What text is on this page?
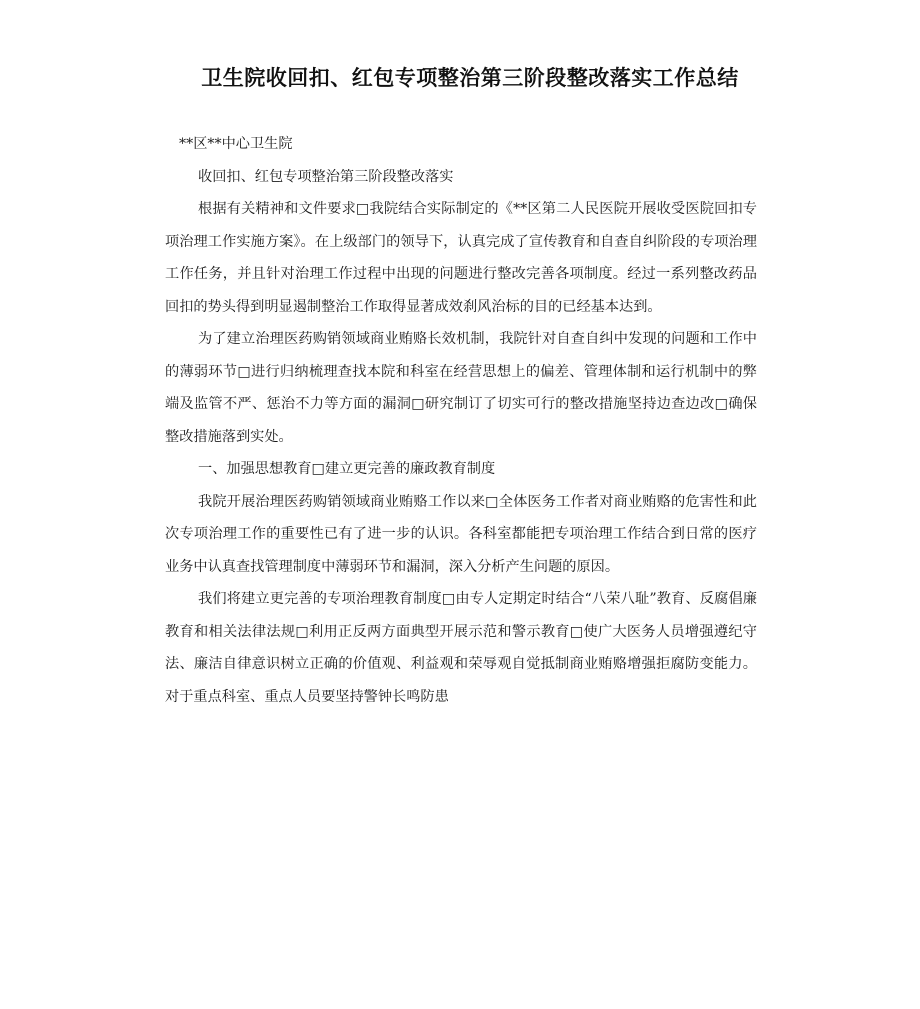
卫生院收回扣、红包专项整治第三阶段整改落实工作总结

**区**中心卫生院

收回扣、红包专项整治第三阶段整改落实

根据有关精神和文件要求□我院结合实际制定的《**区第二人民医院开展收受医院回扣专项治理工作实施方案》。在上级部门的领导下，认真完成了宣传教育和自查自纠阶段的专项治理工作任务，并且针对治理工作过程中出现的问题进行整改完善各项制度。经过一系列整改药品回扣的势头得到明显遏制整治工作取得显著成效刹风治标的目的已经基本达到。

为了建立治理医药购销领域商业贿赂长效机制，我院针对自查自纠中发现的问题和工作中的薄弱环节□进行归纳梳理查找本院和科室在经营思想上的偏差、管理体制和运行机制中的弊端及监管不严、惩治不力等方面的漏洞□研究制订了切实可行的整改措施坚持边查边改□确保整改措施落到实处。

一、加强思想教育□建立更完善的廉政教育制度

我院开展治理医药购销领域商业贿赂工作以来□全体医务工作者对商业贿赂的危害性和此次专项治理工作的重要性已有了进一步的认识。各科室都能把专项治理工作结合到日常的医疗业务中认真查找管理制度中薄弱环节和漏洞，深入分析产生问题的原因。

我们将建立更完善的专项治理教育制度□由专人定期定时结合“八荣八耻”教育、反腐倡廉教育和相关法律法规□利用正反两方面典型开展示范和警示教育□使广大医务人员增强遵纪守法、廉洁自律意识树立正确的价值观、利益观和荣辱观自觉抵制商业贿赂增强拒腐防变能力。对于重点科室、重点人员要坚持警钟长鸣防患
